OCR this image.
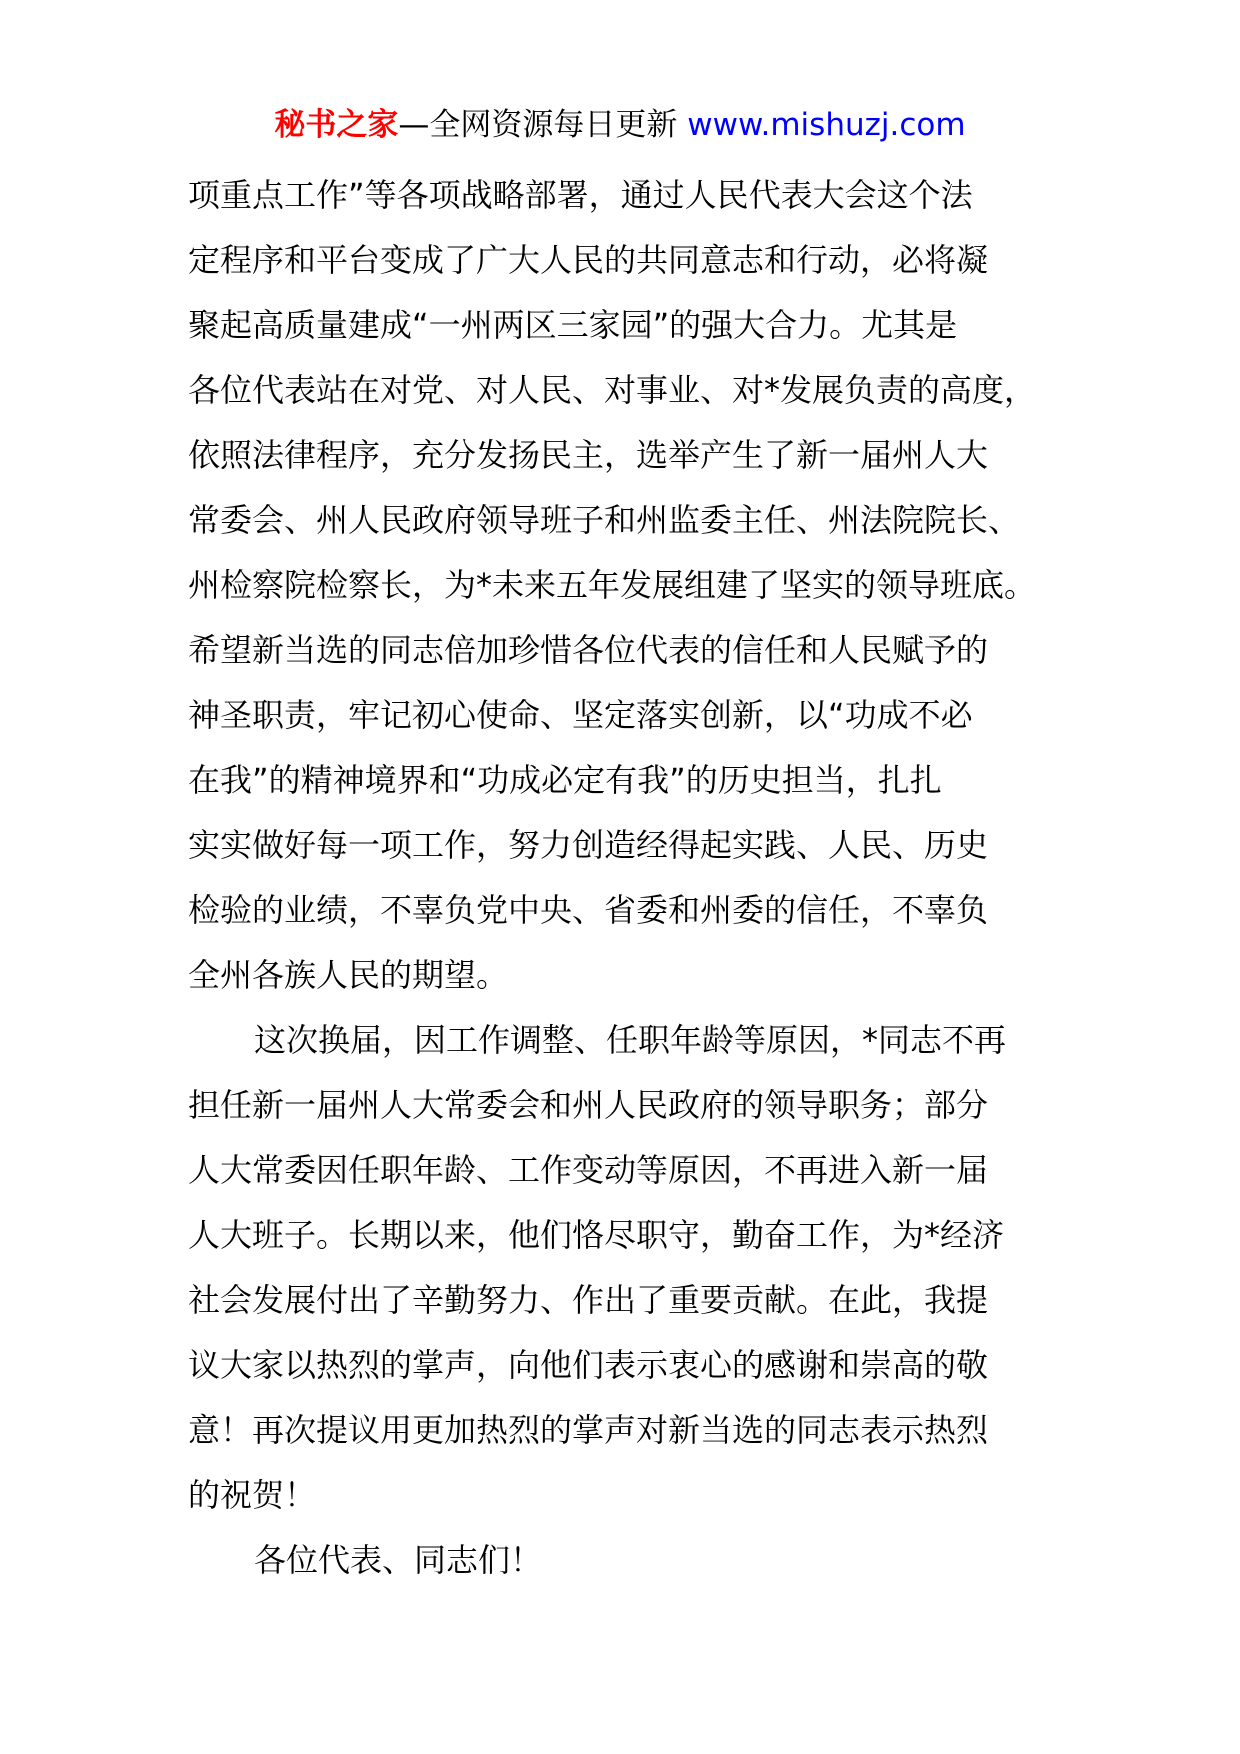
秘书之家—全网资源每日更新 www.mishuzj.com
项重点工作”等各项战略部署，通过人民代表大会这个法
定程序和平台变成了广大人民的共同意志和行动，必将凝
聚起高质量建成“一州两区三家园”的强大合力。尤其是
各位代表站在对党、对人民、对事业、对*发展负责的高度，
依照法律程序，充分发扬民主，选举产生了新一届州人大
常委会、州人民政府领导班子和州监委主任、州法院院长、
州检察院检察长，为*未来五年发展组建了坚实的领导班底。
希望新当选的同志倍加珍惜各位代表的信任和人民赋予的
神圣职责，牢记初心使命、坚定落实创新，以“功成不必
在我”的精神境界和“功成必定有我”的历史担当，扎扎
实实做好每一项工作，努力创造经得起实践、人民、历史
检验的业绩，不辜负党中央、省委和州委的信任，不辜负
全州各族人民的期望。
这次换届，因工作调整、任职年龄等原因，*同志不再
担任新一届州人大常委会和州人民政府的领导职务；部分
人大常委因任职年龄、工作变动等原因，不再进入新一届
人大班子。长期以来，他们恪尽职守，勤奋工作，为*经济
社会发展付出了辛勤努力、作出了重要贡献。在此，我提
议大家以热烈的掌声，向他们表示衷心的感谢和崇高的敬
意！再次提议用更加热烈的掌声对新当选的同志表示热烈
的祝贺！
各位代表、同志们！
